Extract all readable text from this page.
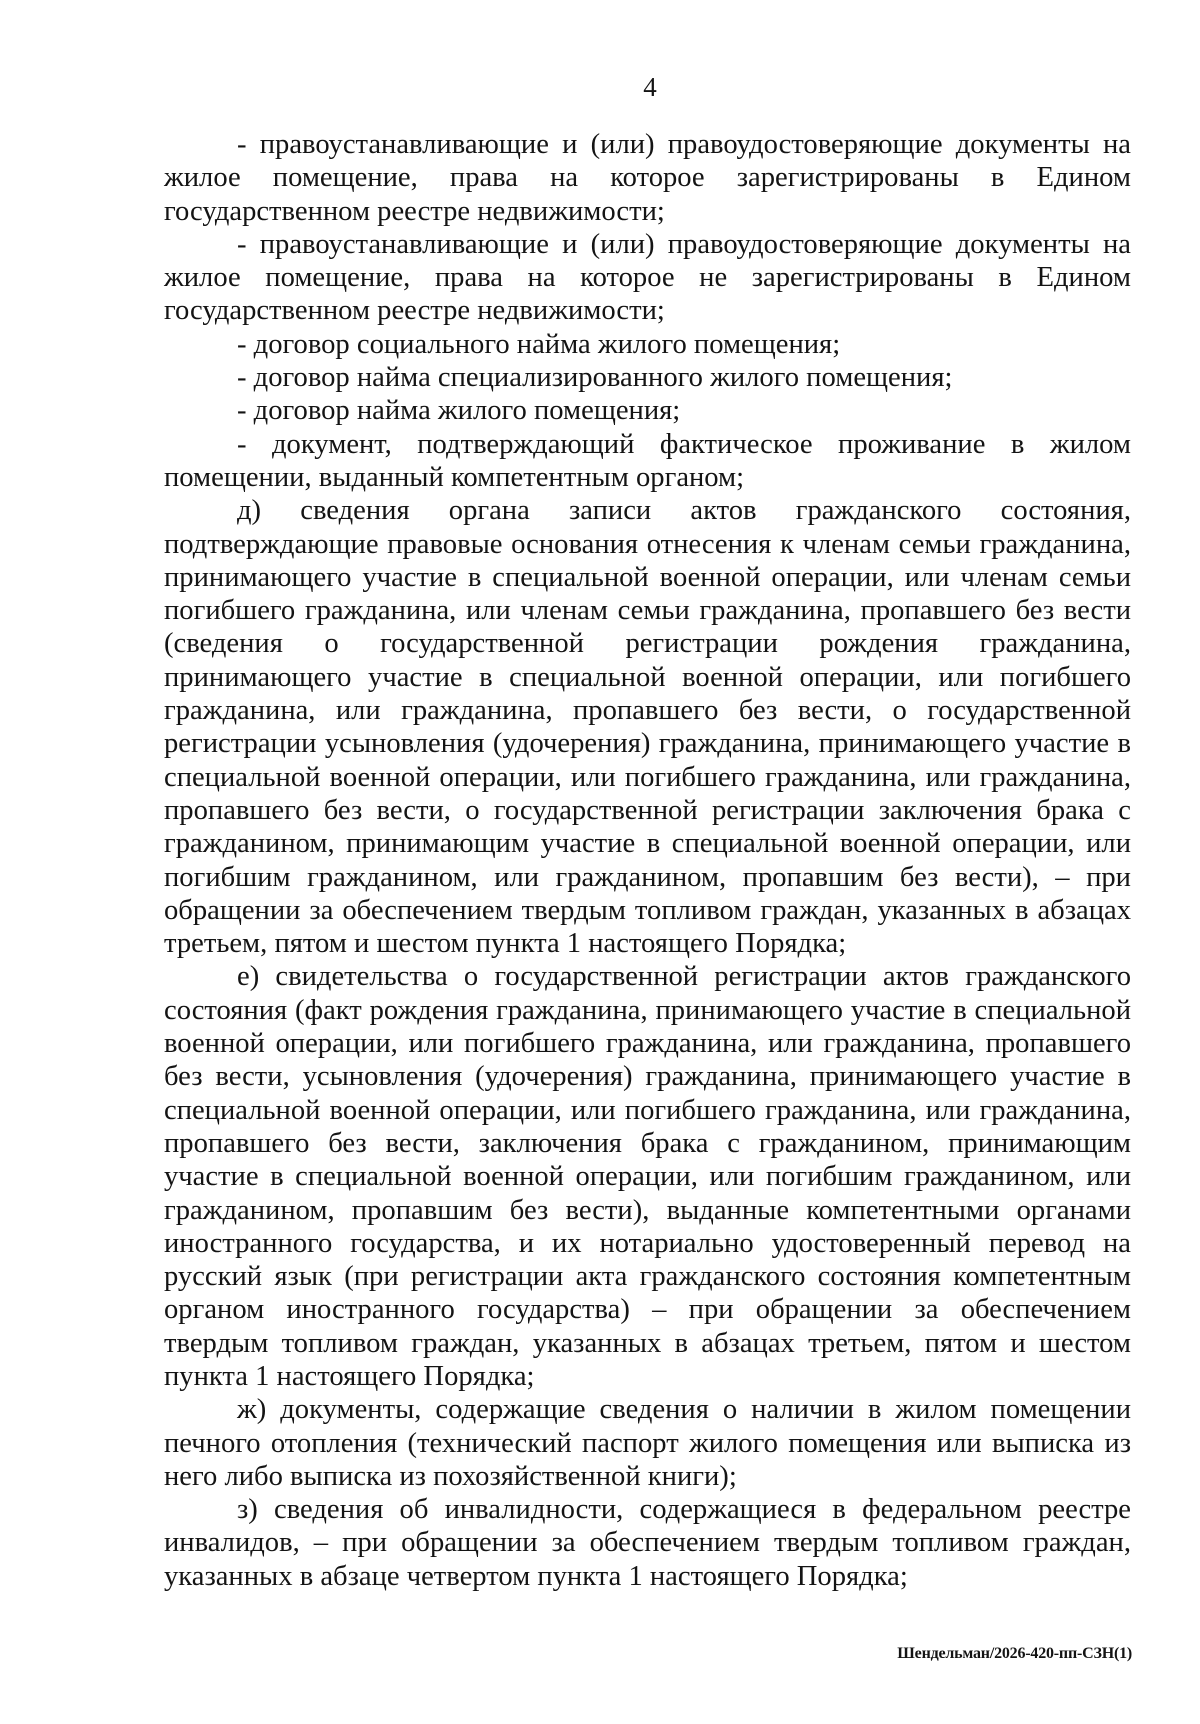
4

- правоустанавливающие и (или) правоудостоверяющие документы на жилое помещение, права на которое зарегистрированы в Едином государственном реестре недвижимости;

- правоустанавливающие и (или) правоудостоверяющие документы на жилое помещение, права на которое не зарегистрированы в Едином государственном реестре недвижимости;

- договор социального найма жилого помещения;

- договор найма специализированного жилого помещения;

- договор найма жилого помещения;

- документ, подтверждающий фактическое проживание в жилом помещении, выданный компетентным органом;

д) сведения органа записи актов гражданского состояния, подтверждающие правовые основания отнесения к членам семьи гражданина, принимающего участие в специальной военной операции, или членам семьи погибшего гражданина, или членам семьи гражданина, пропавшего без вести (сведения о государственной регистрации рождения гражданина, принимающего участие в специальной военной операции, или погибшего гражданина, или гражданина, пропавшего без вести, о государственной регистрации усыновления (удочерения) гражданина, принимающего участие в специальной военной операции, или погибшего гражданина, или гражданина, пропавшего без вести, о государственной регистрации заключения брака с гражданином, принимающим участие в специальной военной операции, или погибшим гражданином, или гражданином, пропавшим без вести), – при обращении за обеспечением твердым топливом граждан, указанных в абзацах третьем, пятом и шестом пункта 1 настоящего Порядка;

е) свидетельства о государственной регистрации актов гражданского состояния (факт рождения гражданина, принимающего участие в специальной военной операции, или погибшего гражданина, или гражданина, пропавшего без вести, усыновления (удочерения) гражданина, принимающего участие в специальной военной операции, или погибшего гражданина, или гражданина, пропавшего без вести, заключения брака с гражданином, принимающим участие в специальной военной операции, или погибшим гражданином, или гражданином, пропавшим без вести), выданные компетентными органами иностранного государства, и их нотариально удостоверенный перевод на русский язык (при регистрации акта гражданского состояния компетентным органом иностранного государства) – при обращении за обеспечением твердым топливом граждан, указанных в абзацах третьем, пятом и шестом пункта 1 настоящего Порядка;

ж) документы, содержащие сведения о наличии в жилом помещении печного отопления (технический паспорт жилого помещения или выписка из него либо выписка из похозяйственной книги);

з) сведения об инвалидности, содержащиеся в федеральном реестре инвалидов, – при обращении за обеспечением твердым топливом граждан, указанных в абзаце четвертом пункта 1 настоящего Порядка;

Шендельман/2026-420-пп-СЗН(1)
